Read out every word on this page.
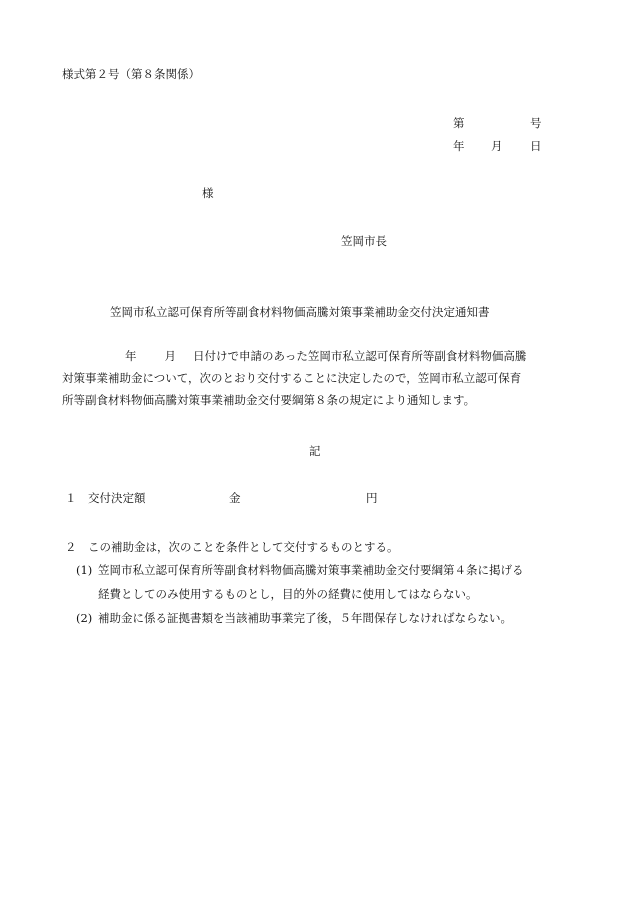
様式第２号（第８条関係）
第	号
年 月 日
様
笠岡市長
笠岡市私立認可保育所等副食材料物価高騰対策事業補助金交付決定通知書
年 月 日付けで申請のあった笠岡市私立認可保育所等副食材料物価高騰
対策事業補助金について，次のとおり交付することに決定したので，笠岡市私立認可保育
所等副食材料物価高騰対策事業補助金交付要綱第８条の規定により通知します。
記
１ 交付決定額	金	円
２ この補助金は，次のことを条件として交付するものとする。
(1) 笠岡市私立認可保育所等副食材料物価高騰対策事業補助金交付要綱第４条に掲げる
経費としてのみ使用するものとし，目的外の経費に使用してはならない。
(2) 補助金に係る証拠書類を当該補助事業完了後，５年間保存しなければならない。
